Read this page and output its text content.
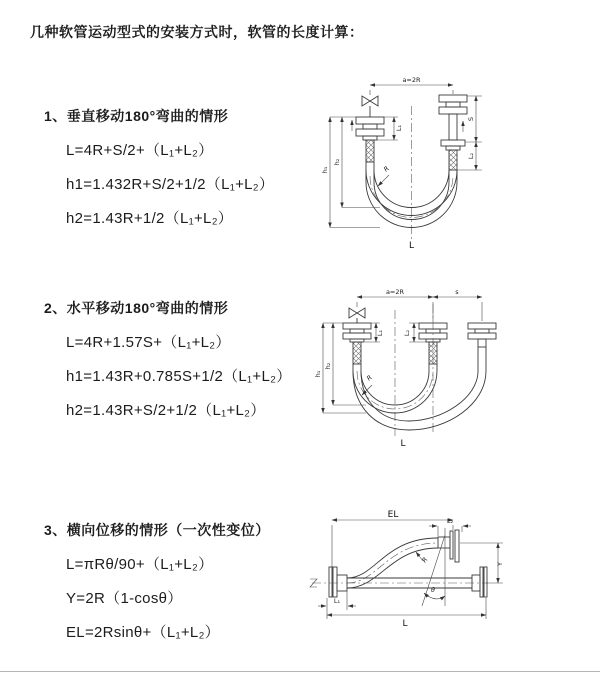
几种软管运动型式的安装方式时，软管的长度计算：
1、垂直移动180°弯曲的情形
L=4R+S/2+（L₁+L₂）
h1=1.432R+S/2+1/2（L₁+L₂）
h2=1.43R+1/2（L₁+L₂）
2、水平移动180°弯曲的情形
L=4R+1.57S+（L₁+L₂）
h1=1.43R+0.785S+1/2（L₁+L₂）
h2=1.43R+S/2+1/2（L₁+L₂）
3、横向位移的情形（一次性变位）
L=πRθ/90+（L₁+L₂）
Y=2R（1-cosθ）
EL=2Rsinθ+（L₁+L₂）
a=2R
R
h₁
h₂
L₁
S
L₂
L
a=2R	s
R
h₁
h₂
L₁	L₂
L
EL
L₂
Y
θ
R
L
L₁
